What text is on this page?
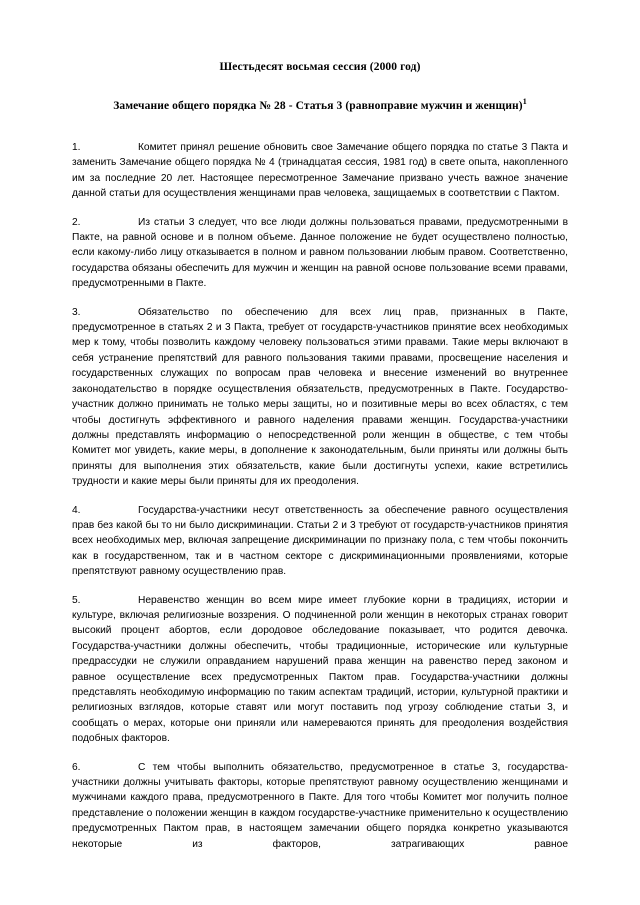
Шестьдесят восьмая сессия (2000 год)
Замечание общего порядка № 28 - Статья 3 (равноправие мужчин и женщин)$^1$

1.	Комитет принял решение обновить свое Замечание общего порядка по статье 3 Пакта и заменить Замечание общего порядка № 4 (тринадцатая сессия, 1981 год) в свете опыта, накопленного им за последние 20 лет. Настоящее пересмотренное Замечание призвано учесть важное значение данной статьи для осуществления женщинами прав человека, защищаемых в соответствии с Пактом.

2.	Из статьи 3 следует, что все люди должны пользоваться правами, предусмотренными в Пакте, на равной основе и в полном объеме. Данное положение не будет осуществлено полностью, если какому-либо лицу отказывается в полном и равном пользовании любым правом. Соответственно, государства обязаны обеспечить для мужчин и женщин на равной основе пользование всеми правами, предусмотренными в Пакте.

3.	Обязательство по обеспечению для всех лиц прав, признанных в Пакте, предусмотренное в статьях 2 и 3 Пакта, требует от государств-участников принятие всех необходимых мер к тому, чтобы позволить каждому человеку пользоваться этими правами. Такие меры включают в себя устранение препятствий для равного пользования такими правами, просвещение населения и государственных служащих по вопросам прав человека и внесение изменений во внутреннее законодательство в порядке осуществления обязательств, предусмотренных в Пакте. Государство-участник должно принимать не только меры защиты, но и позитивные меры во всех областях, с тем чтобы достигнуть эффективного и равного наделения правами женщин. Государства-участники должны представлять информацию о непосредственной роли женщин в обществе, с тем чтобы Комитет мог увидеть, какие меры, в дополнение к законодательным, были приняты или должны быть приняты для выполнения этих обязательств, какие были достигнуты успехи, какие встретились трудности и какие меры были приняты для их преодоления.

4.	Государства-участники несут ответственность за обеспечение равного осуществления прав без какой бы то ни было дискриминации. Статьи 2 и 3 требуют от государств-участников принятия всех необходимых мер, включая запрещение дискриминации по признаку пола, с тем чтобы покончить как в государственном, так и в частном секторе с дискриминационными проявлениями, которые препятствуют равному осуществлению прав.

5.	Неравенство женщин во всем мире имеет глубокие корни в традициях, истории и культуре, включая религиозные воззрения. О подчиненной роли женщин в некоторых странах говорит высокий процент абортов, если дородовое обследование показывает, что родится девочка. Государства-участники должны обеспечить, чтобы традиционные, исторические или культурные предрассудки не служили оправданием нарушений права женщин на равенство перед законом и равное осуществление всех предусмотренных Пактом прав. Государства-участники должны представлять необходимую информацию по таким аспектам традиций, истории, культурной практики и религиозных взглядов, которые ставят или могут поставить под угрозу соблюдение статьи 3, и сообщать о мерах, которые они приняли или намереваются принять для преодоления воздействия подобных факторов.

6.	С тем чтобы выполнить обязательство, предусмотренное в статье 3, государства-участники должны учитывать факторы, которые препятствуют равному осуществлению женщинами и мужчинами каждого права, предусмотренного в Пакте. Для того чтобы Комитет мог получить полное представление о положении женщин в каждом государстве-участнике применительно к осуществлению предусмотренных Пактом прав, в настоящем замечании общего порядка конкретно указываются некоторые из факторов, затрагивающих равное
